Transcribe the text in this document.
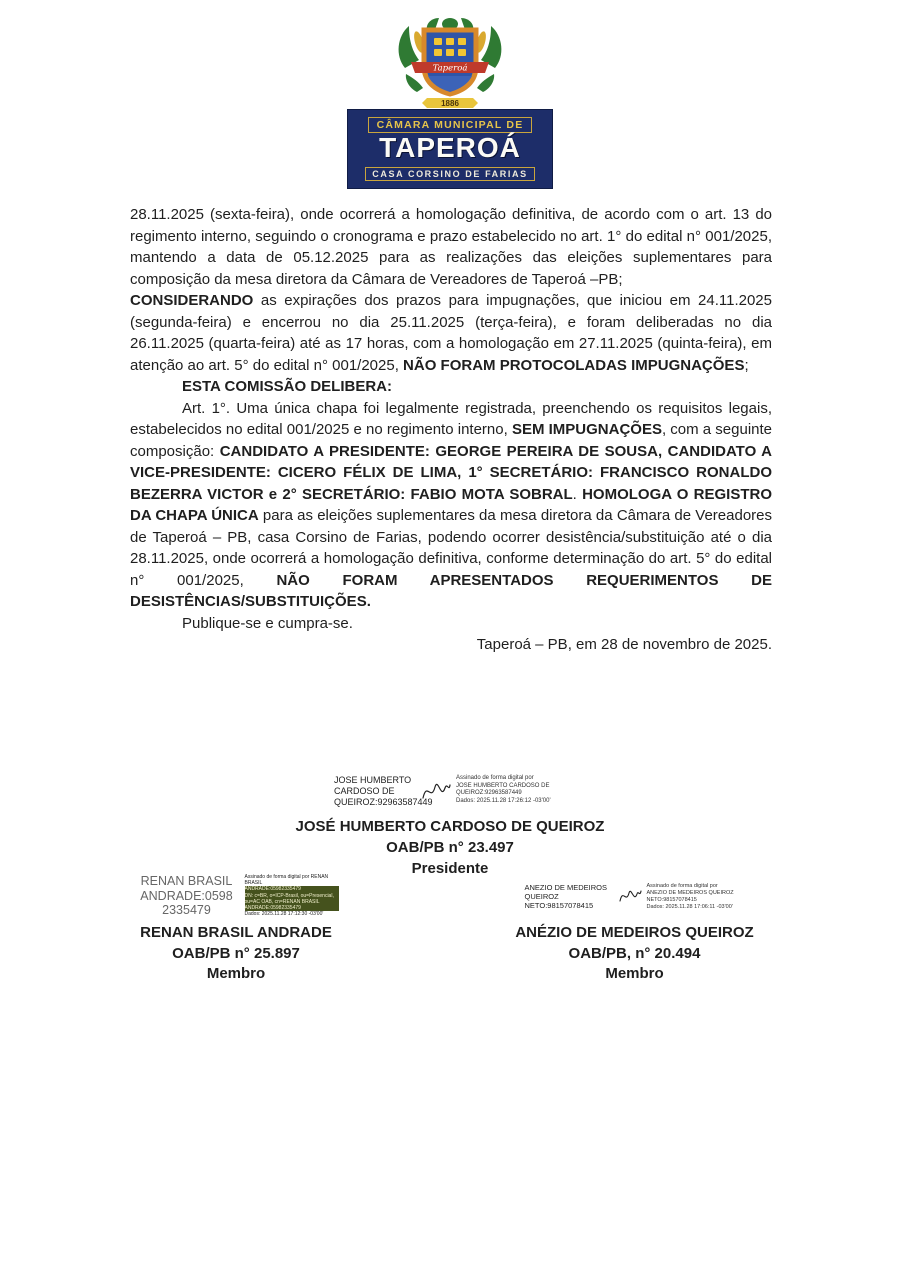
Taperoá
1886
CÂMARA MUNICIPAL DE
TAPEROÁ
CASA CORSINO DE FARIAS

28.11.2025 (sexta-feira), onde ocorrerá a homologação definitiva, de acordo com o art. 13 do regimento interno, seguindo o cronograma e prazo estabelecido no art. 1° do edital n° 001/2025, mantendo a data de 05.12.2025 para as realizações das eleições suplementares para composição da mesa diretora da Câmara de Vereadores de Taperoá –PB;

CONSIDERANDO as expirações dos prazos para impugnações, que iniciou em 24.11.2025 (segunda-feira) e encerrou no dia 25.11.2025 (terça-feira), e foram deliberadas no dia 26.11.2025 (quarta-feira) até as 17 horas, com a homologação em 27.11.2025 (quinta-feira), em atenção ao art. 5° do edital n° 001/2025, NÃO FORAM PROTOCOLADAS IMPUGNAÇÕES;

ESTA COMISSÃO DELIBERA:

Art. 1°. Uma única chapa foi legalmente registrada, preenchendo os requisitos legais, estabelecidos no edital 001/2025 e no regimento interno, SEM IMPUGNAÇÕES, com a seguinte composição: CANDIDATO A PRESIDENTE: GEORGE PEREIRA DE SOUSA, CANDIDATO A VICE-PRESIDENTE: CICERO FÉLIX DE LIMA, 1° SECRETÁRIO: FRANCISCO RONALDO BEZERRA VICTOR e 2° SECRETÁRIO: FABIO MOTA SOBRAL. HOMOLOGA O REGISTRO DA CHAPA ÚNICA para as eleições suplementares da mesa diretora da Câmara de Vereadores de Taperoá – PB, casa Corsino de Farias, podendo ocorrer desistência/substituição até o dia 28.11.2025, onde ocorrerá a homologação definitiva, conforme determinação do art. 5° do edital n° 001/2025, NÃO FORAM APRESENTADOS REQUERIMENTOS DE DESISTÊNCIAS/SUBSTITUIÇÕES.

Publique-se e cumpra-se.

Taperoá – PB, em 28 de novembro de 2025.

JOSE HUMBERTO
CARDOSO DE
QUEIROZ:92963587449
Assinado de forma digital por
JOSE HUMBERTO CARDOSO DE
QUEIROZ:92963587449
Dados: 2025.11.28 17:26:12 -03'00'

JOSÉ HUMBERTO CARDOSO DE QUEIROZ

OAB/PB n° 23.497

Presidente

RENAN BRASIL
ANDRADE:0598
2335479
Assinado de forma digital por RENAN BRASIL
ANDRADE:05982335479
DN: c=BR, o=ICP-Brasil, ou=Presencial,
ou=AC OAB, cn=RENAN BRASIL
ANDRADE:05982335479
Dados: 2025.11.28 17:12:30 -03'00'

RENAN BRASIL ANDRADE

OAB/PB n° 25.897

Membro

ANEZIO DE MEDEIROS
QUEIROZ
NETO:98157078415
Assinado de forma digital por
ANEZIO DE MEDEIROS QUEIROZ
NETO:98157078415
Dados: 2025.11.28 17:06:11 -03'00'

ANÉZIO DE MEDEIROS QUEIROZ

OAB/PB, n° 20.494

Membro
